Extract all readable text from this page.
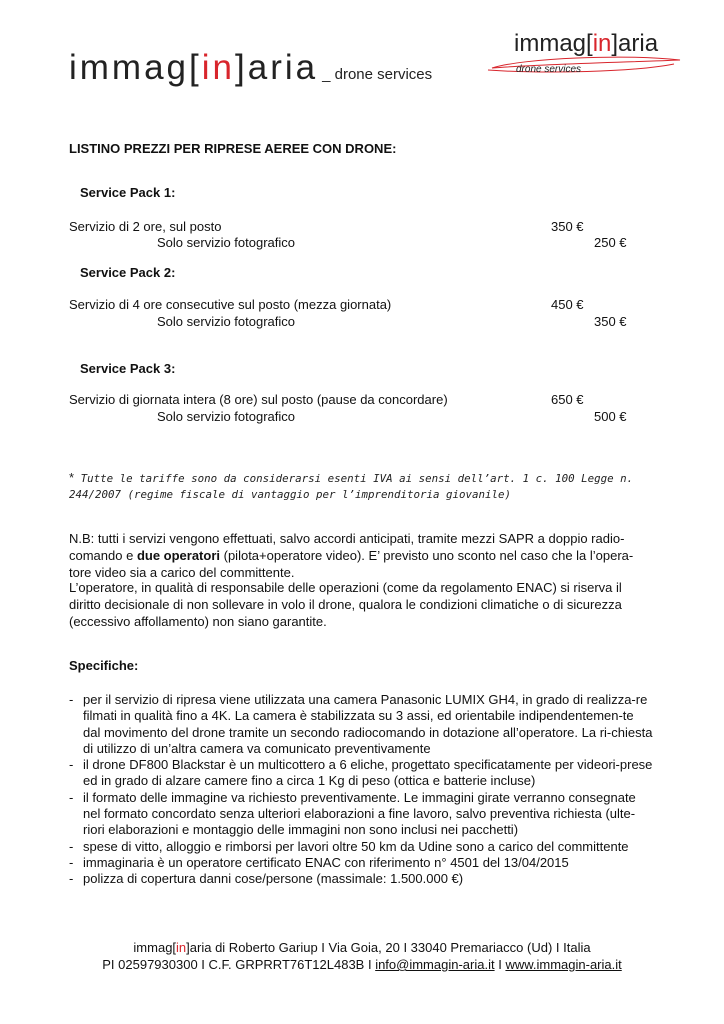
immag[in]aria _ drone services
immag[in]aria
drone services
LISTINO PREZZI PER RIPRESE AEREE CON DRONE:
Service Pack 1:
Servizio di 2 ore, sul posto	350 €
Solo servizio fotografico	250 €
Service Pack 2:
Servizio di 4 ore consecutive sul posto (mezza giornata)	450 €
Solo servizio fotografico	350 €
Service Pack 3:
Servizio di giornata intera (8 ore) sul posto (pause da concordare)	650 €
Solo servizio fotografico	500 €
* Tutte le tariffe sono da considerarsi esenti IVA ai sensi dell’art. 1 c. 100 Legge n. 244/2007 (regime fiscale di vantaggio per l’imprenditoria giovanile)
N.B: tutti i servizi vengono effettuati, salvo accordi anticipati, tramite mezzi SAPR a doppio radio-comando e due operatori (pilota+operatore video). E’ previsto uno sconto nel caso che la l’opera-tore video sia a carico del committente.
L’operatore, in qualità di responsabile delle operazioni (come da regolamento ENAC) si riserva il diritto decisionale di non sollevare in volo il drone, qualora le condizioni climatiche o di sicurezza (eccessivo affollamento) non siano garantite.
Specifiche:
- per il servizio di ripresa viene utilizzata una camera Panasonic LUMIX GH4, in grado di realizza-re filmati in qualità fino a 4K. La camera è stabilizzata su 3 assi, ed orientabile indipendentemen-te dal movimento del drone tramite un secondo radiocomando in dotazione all’operatore. La ri-chiesta di utilizzo di un’altra camera va comunicato preventivamente
- il drone DF800 Blackstar è un multicottero a 6 eliche, progettato specificatamente per videori-prese ed in grado di alzare camere fino a circa 1 Kg di peso (ottica e batterie incluse)
- il formato delle immagine va richiesto preventivamente. Le immagini girate verranno consegnate nel formato concordato senza ulteriori elaborazioni a fine lavoro, salvo preventiva richiesta (ulte-riori elaborazioni e montaggio delle immagini non sono inclusi nei pacchetti)
- spese di vitto, alloggio e rimborsi per lavori oltre 50 km da Udine sono a carico del committente
- immaginaria è un operatore certificato ENAC con riferimento n° 4501 del 13/04/2015
- polizza di copertura danni cose/persone (massimale: 1.500.000 €)
immag[in]aria di Roberto Gariup I Via Goia, 20 I 33040 Premariacco (Ud) I Italia
PI 02597930300 I C.F. GRPRRT76T12L483B I info@immagin-aria.it I www.immagin-aria.it
